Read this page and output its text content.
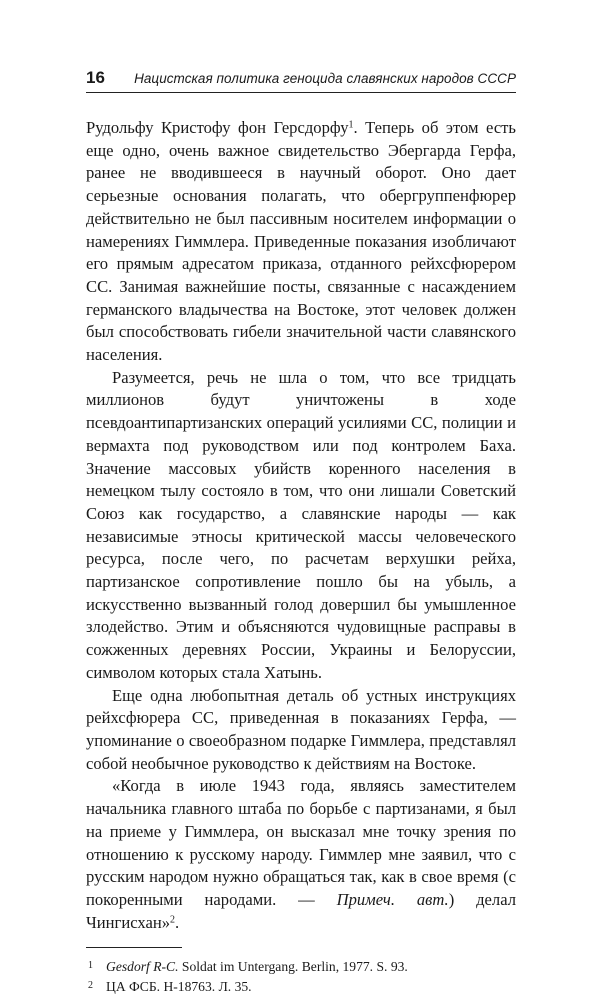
16 Нацистская политика геноцида славянских народов СССР

Рудольфу Кристофу фон Герсдорфу$^1$. Теперь об этом есть еще одно, очень важное свидетельство Эбергарда Герфа, ранее не вводившееся в научный оборот. Оно дает серьезные основания полагать, что обергруппенфюрер действительно не был пассивным носителем информации о намерениях Гиммлера. Приведенные показания изобличают его прямым адресатом приказа, отданного рейхсфюрером СС. Занимая важнейшие посты, связанные с насаждением германского владычества на Востоке, этот человек должен был способствовать гибели значительной части славянского населения.

Разумеется, речь не шла о том, что все тридцать миллионов будут уничтожены в ходе псевдоантипартизанских операций усилиями СС, полиции и вермахта под руководством или под контролем Баха. Значение массовых убийств коренного населения в немецком тылу состояло в том, что они лишали Советский Союз как государство, а славянские народы — как независимые этносы критической массы человеческого ресурса, после чего, по расчетам верхушки рейха, партизанское сопротивление пошло бы на убыль, а искусственно вызванный голод довершил бы умышленное злодейство. Этим и объясняются чудовищные расправы в сожженных деревнях России, Украины и Белоруссии, символом которых стала Хатынь.

Еще одна любопытная деталь об устных инструкциях рейхсфюрера СС, приведенная в показаниях Герфа, — упоминание о своеобразном подарке Гиммлера, представлял собой необычное руководство к действиям на Востоке.

«Когда в июле 1943 года, являясь заместителем начальника главного штаба по борьбе с партизанами, я был на приеме у Гиммлера, он высказал мне точку зрения по отношению к русскому народу. Гиммлер мне заявил, что с русским народом нужно обращаться так, как в свое время (с покоренными народами. — Примеч. авт.) делал Чингисхан»$^2$.

1 Gesdorf R-C. Soldat im Untergang. Berlin, 1977. S. 93.
2 ЦА ФСБ. Н-18763. Л. 35.
